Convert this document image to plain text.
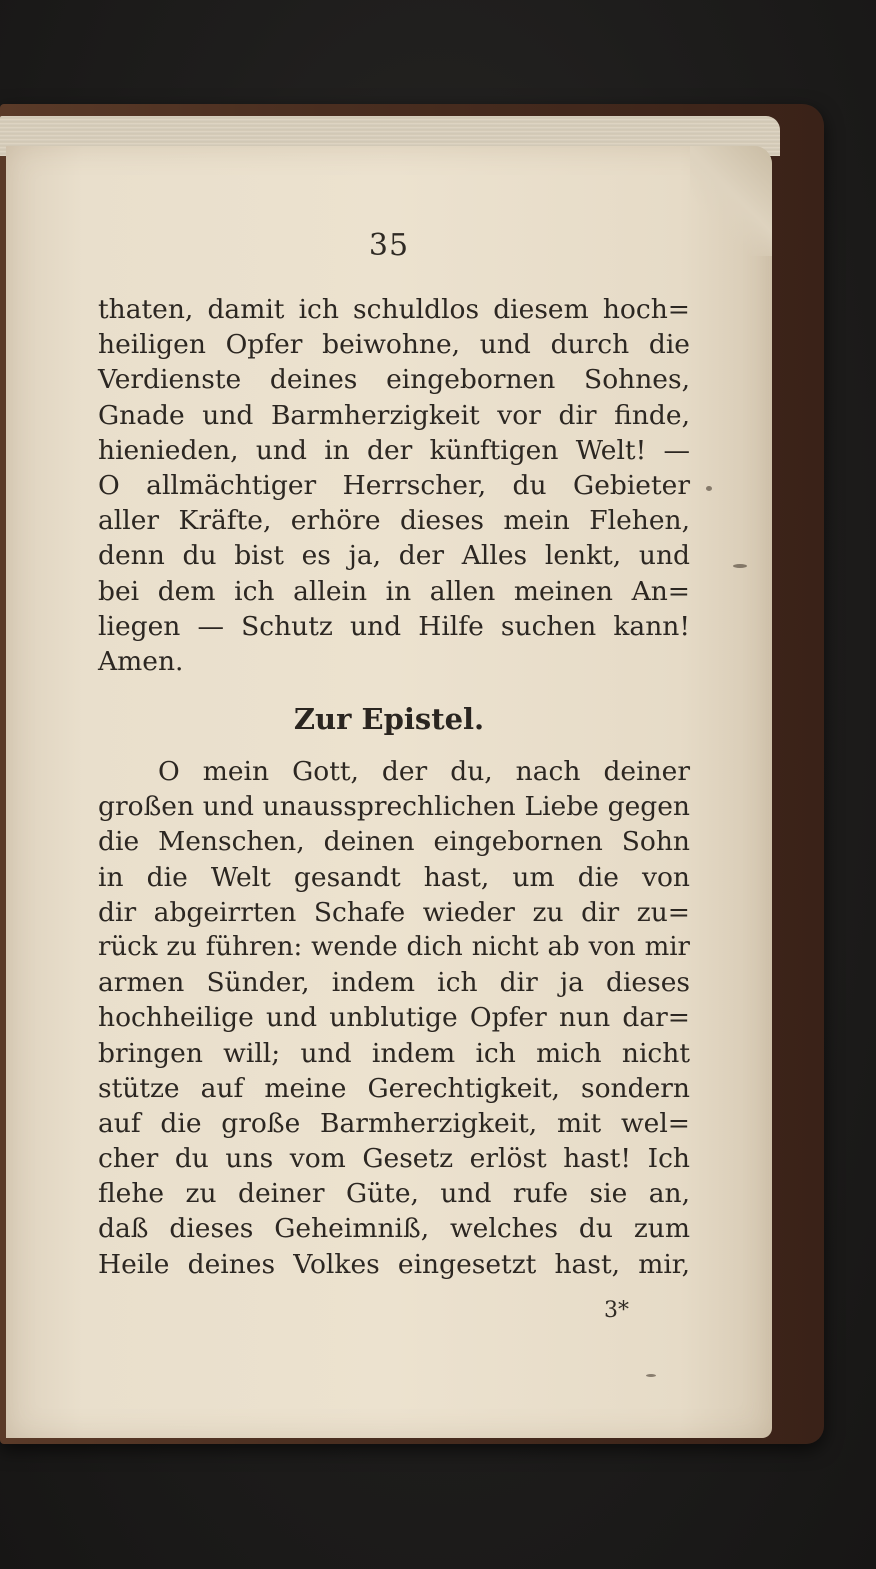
35
thaten, damit ich schuldlos diesem hoch=
heiligen Opfer beiwohne, und durch die
Verdienste deines eingebornen Sohnes,
Gnade und Barmherzigkeit vor dir finde,
hienieden, und in der künftigen Welt! —
O allmächtiger Herrscher, du Gebieter
aller Kräfte, erhöre dieses mein Flehen,
denn du bist es ja, der Alles lenkt, und
bei dem ich allein in allen meinen An=
liegen — Schutz und Hilfe suchen kann!
Amen.
Zur Epistel.
O mein Gott, der du, nach deiner
großen und unaussprechlichen Liebe gegen
die Menschen, deinen eingebornen Sohn
in die Welt gesandt hast, um die von
dir abgeirrten Schafe wieder zu dir zu=
rück zu führen: wende dich nicht ab von mir
armen Sünder, indem ich dir ja dieses
hochheilige und unblutige Opfer nun dar=
bringen will; und indem ich mich nicht
stütze auf meine Gerechtigkeit, sondern
auf die große Barmherzigkeit, mit wel=
cher du uns vom Gesetz erlöst hast! Ich
flehe zu deiner Güte, und rufe sie an,
daß dieses Geheimniß, welches du zum
Heile deines Volkes eingesetzt hast, mir,
3*
